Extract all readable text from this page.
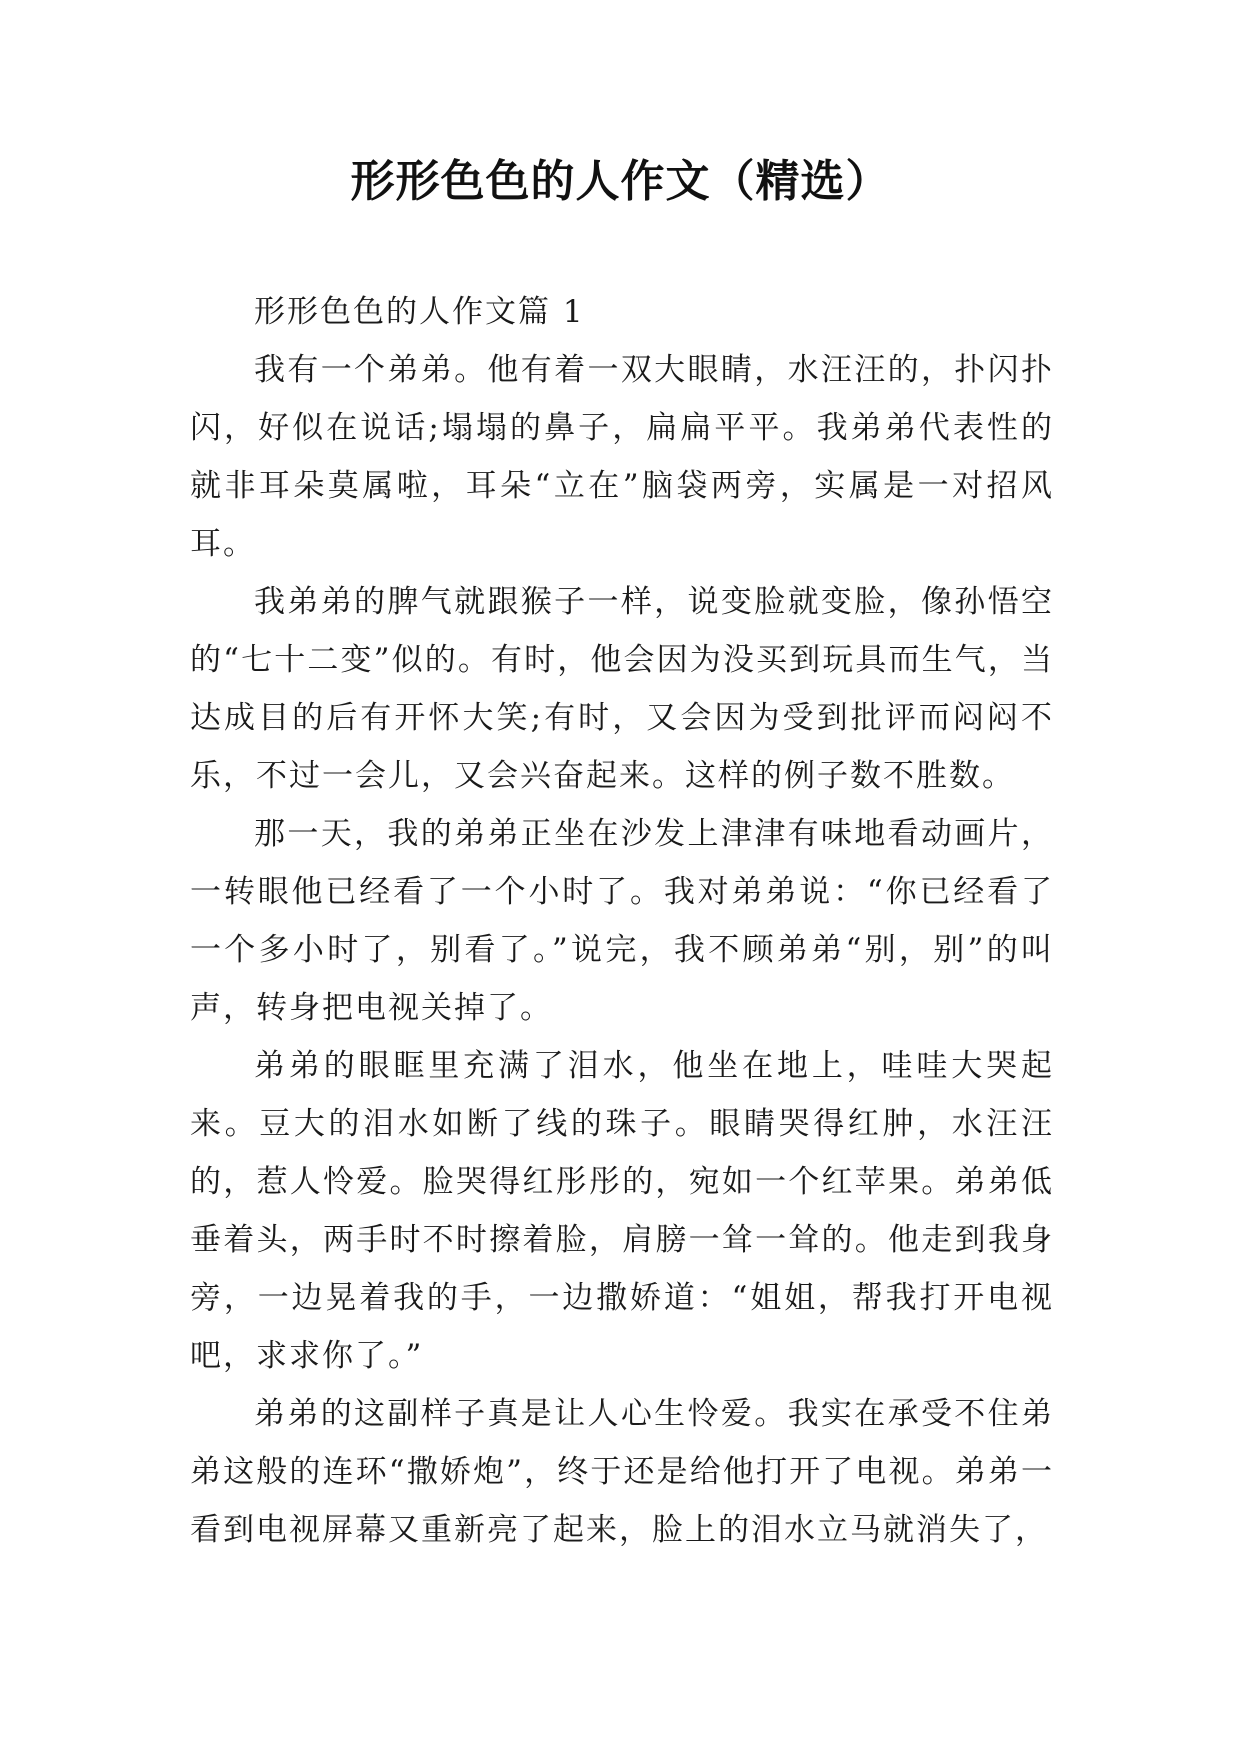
形形色色的人作文（精选）

形形色色的人作文篇 1

我有一个弟弟。他有着一双大眼睛，水汪汪的，扑闪扑闪，好似在说话;塌塌的鼻子，扁扁平平。我弟弟代表性的就非耳朵莫属啦，耳朵“立在”脑袋两旁，实属是一对招风耳。

我弟弟的脾气就跟猴子一样，说变脸就变脸，像孙悟空的“七十二变”似的。有时，他会因为没买到玩具而生气，当达成目的后有开怀大笑;有时，又会因为受到批评而闷闷不乐，不过一会儿，又会兴奋起来。这样的例子数不胜数。

那一天，我的弟弟正坐在沙发上津津有味地看动画片，一转眼他已经看了一个小时了。我对弟弟说：“你已经看了一个多小时了，别看了。”说完，我不顾弟弟“别，别”的叫声，转身把电视关掉了。

弟弟的眼眶里充满了泪水，他坐在地上，哇哇大哭起来。豆大的泪水如断了线的珠子。眼睛哭得红肿，水汪汪的，惹人怜爱。脸哭得红彤彤的，宛如一个红苹果。弟弟低垂着头，两手时不时擦着脸，肩膀一耸一耸的。他走到我身旁，一边晃着我的手，一边撒娇道：“姐姐，帮我打开电视吧，求求你了。”

弟弟的这副样子真是让人心生怜爱。我实在承受不住弟弟这般的连环“撒娇炮”，终于还是给他打开了电视。弟弟一看到电视屏幕又重新亮了起来，脸上的泪水立马就消失了，
